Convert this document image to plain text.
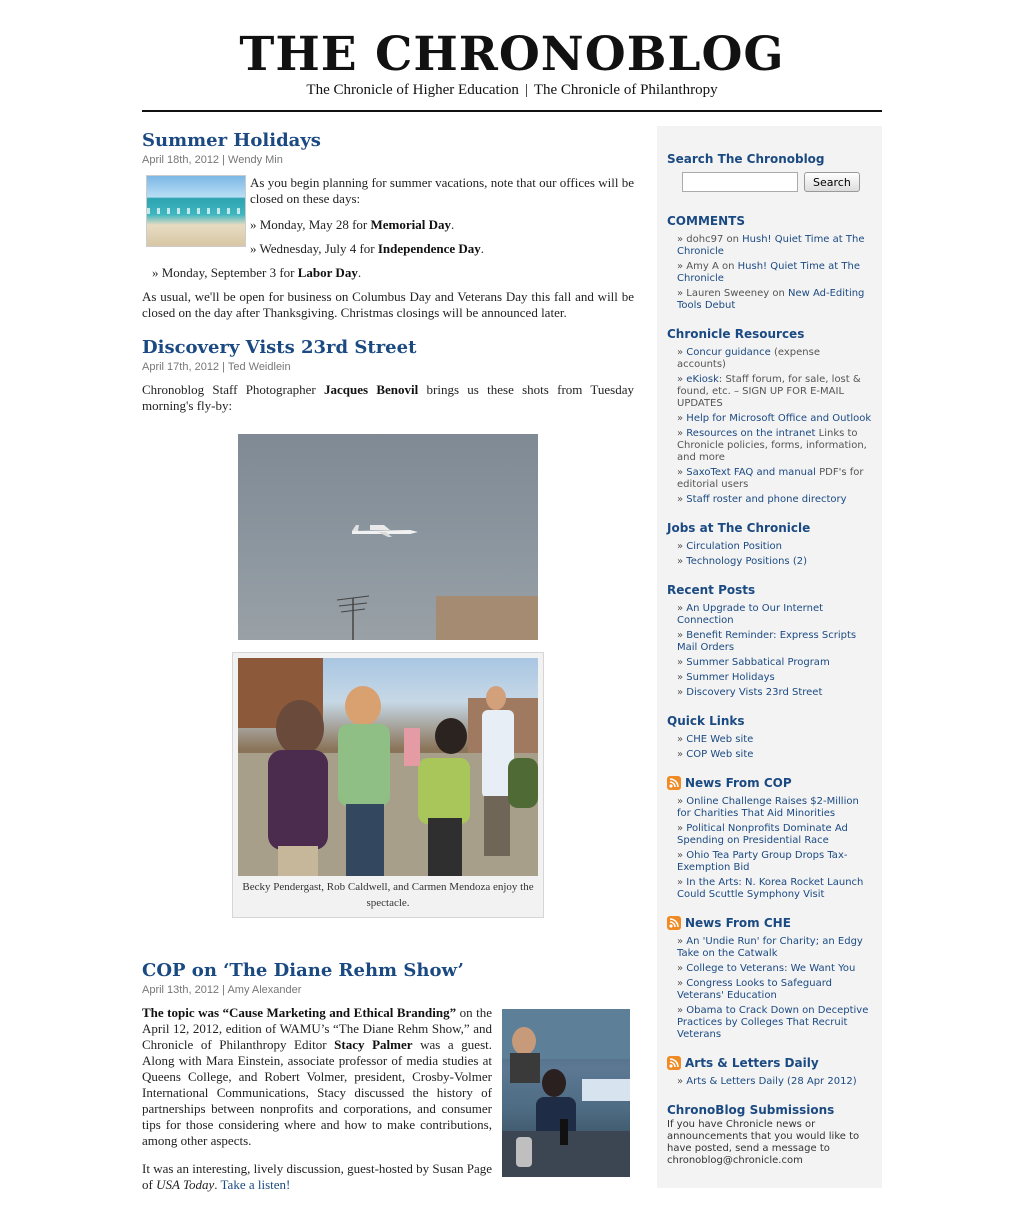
THE CHRONOBLOG
The Chronicle of Higher Education | The Chronicle of Philanthropy
Summer Holidays
April 18th, 2012 | Wendy Min

As you begin planning for summer vacations, note that our offices will be closed on these days:

» Monday, May 28 for Memorial Day.
» Wednesday, July 4 for Independence Day.
» Monday, September 3 for Labor Day.

As usual, we'll be open for business on Columbus Day and Veterans Day this fall and will be closed on the day after Thanksgiving. Christmas closings will be announced later.

Discovery Vists 23rd Street
April 17th, 2012 | Ted Weidlein

Chronoblog Staff Photographer Jacques Benovil brings us these shots from Tuesday morning's fly-by:

Becky Pendergast, Rob Caldwell, and Carmen Mendoza enjoy the spectacle.
COP on ‘The Diane Rehm Show’
April 13th, 2012 | Amy Alexander

The topic was “Cause Marketing and Ethical Branding” on the April 12, 2012, edition of WAMU’s “The Diane Rehm Show,” and Chronicle of Philanthropy Editor Stacy Palmer was a guest. Along with Mara Einstein, associate professor of media studies at Queens College, and Robert Volmer, president, Crosby-Volmer International Communications, Stacy discussed the history of partnerships between nonprofits and corporations, and consumer tips for those considering where and how to make contributions, among other aspects.

It was an interesting, lively discussion, guest-hosted by Susan Page of USA Today. Take a listen!

Search The Chronoblog
Search
COMMENTS
» dohc97 on Hush! Quiet Time at The Chronicle
» Amy A on Hush! Quiet Time at The Chronicle
» Lauren Sweeney on New Ad-Editing Tools Debut
Chronicle Resources
» Concur guidance (expense accounts)
» eKiosk: Staff forum, for sale, lost & found, etc. – SIGN UP FOR E-MAIL UPDATES
» Help for Microsoft Office and Outlook
» Resources on the intranet Links to Chronicle policies, forms, information, and more
» SaxoText FAQ and manual PDF's for editorial users
» Staff roster and phone directory
Jobs at The Chronicle
» Circulation Position
» Technology Positions (2)
Recent Posts
» An Upgrade to Our Internet Connection
» Benefit Reminder: Express Scripts Mail Orders
» Summer Sabbatical Program
» Summer Holidays
» Discovery Vists 23rd Street
Quick Links
» CHE Web site
» COP Web site
News From COP
» Online Challenge Raises $2-Million for Charities That Aid Minorities
» Political Nonprofits Dominate Ad Spending on Presidential Race
» Ohio Tea Party Group Drops Tax-Exemption Bid
» In the Arts: N. Korea Rocket Launch Could Scuttle Symphony Visit
News From CHE
» An 'Undie Run' for Charity; an Edgy Take on the Catwalk
» College to Veterans: We Want You
» Congress Looks to Safeguard Veterans' Education
» Obama to Crack Down on Deceptive Practices by Colleges That Recruit Veterans
Arts & Letters Daily
» Arts & Letters Daily (28 Apr 2012)
ChronoBlog Submissions

If you have Chronicle news or announcements that you would like to have posted, send a message to chronoblog@chronicle.com
